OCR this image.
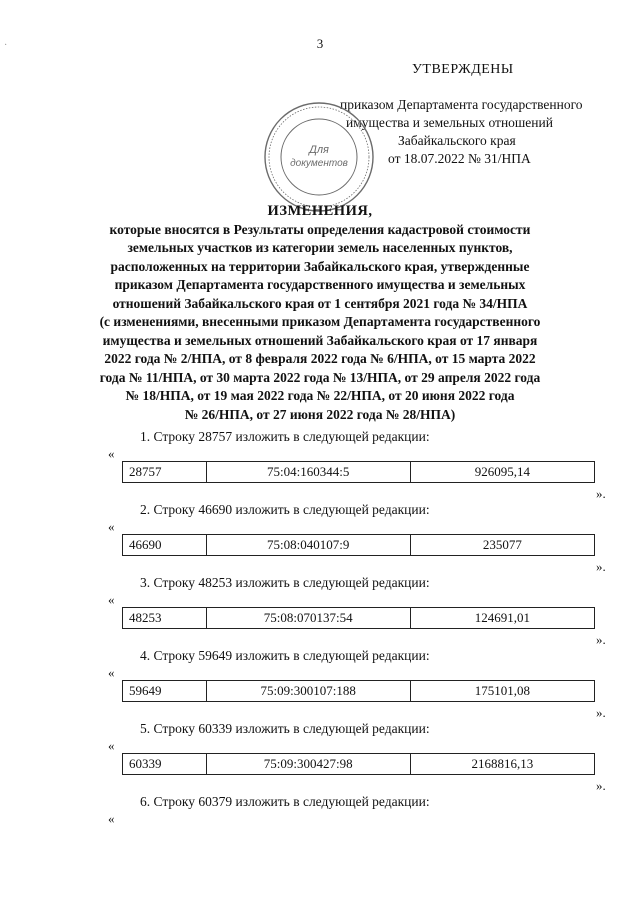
·	3
УТВЕРЖДЕНЫ
приказом Департамента государственного
имущества и земельных отношений
Забайкальского края
от 18.07.2022 № 31/НПА
Для
документов
ИЗМЕНЕНИЯ,
которые вносятся в Результаты определения кадастровой стоимости
земельных участков из категории земель населенных пунктов,
расположенных на территории Забайкальского края, утвержденные
приказом Департамента государственного имущества и земельных
отношений Забайкальского края от 1 сентября 2021 года № 34/НПА
(с изменениями, внесенными приказом Департамента государственного
имущества и земельных отношений Забайкальского края от 17 января
2022 года № 2/НПА, от 8 февраля 2022 года № 6/НПА, от 15 марта 2022
года № 11/НПА, от 30 марта 2022 года № 13/НПА, от 29 апреля 2022 года
№ 18/НПА, от 19 мая 2022 года № 22/НПА, от 20 июня 2022 года
№ 26/НПА, от 27 июня 2022 года № 28/НПА)
1. Строку 28757 изложить в следующей редакции:
«
28757	75:04:160344:5	926095,14
».
2. Строку 46690 изложить в следующей редакции:
«
46690	75:08:040107:9	235077
».
3. Строку 48253 изложить в следующей редакции:
«
48253	75:08:070137:54	124691,01
».
4. Строку 59649 изложить в следующей редакции:
«
59649	75:09:300107:188	175101,08
».
5. Строку 60339 изложить в следующей редакции:
«
60339	75:09:300427:98	2168816,13
».
6. Строку 60379 изложить в следующей редакции:
«
